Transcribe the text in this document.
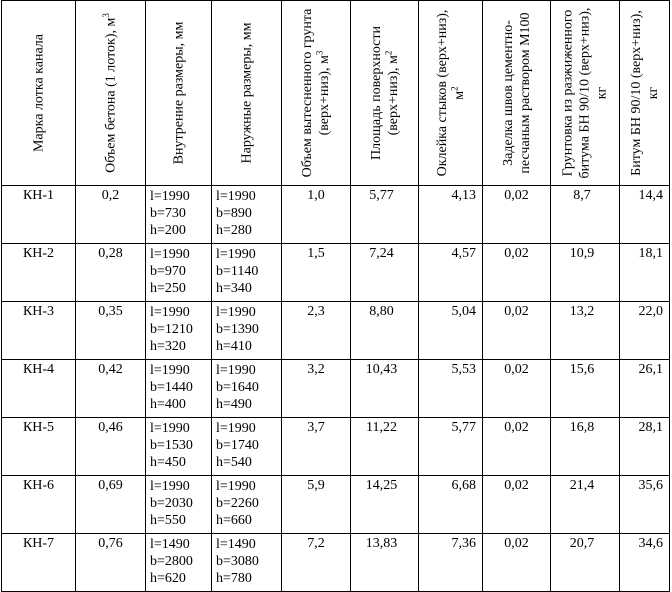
Марка лотка канала	Объем бетона (1 лоток), $м^3$	Внутрение размеры, мм	Наружные размеры, мм	Объем вытесненного грунта (верх+низ), $м^3$	Площадь поверхности (верх+низ), $м^2$	Оклейка стыков (верх+низ), $м^2$	Заделка швов цементно-песчаным раствором М100	Грунтовка из разжиженного битума БН 90/10 (верх+низ), кг	Битум БН 90/10 (верх+низ), кг

КН-1	0,2	l=1990
b=730
h=200	l=1990
b=890
h=280	1,0	5,77	4,13	0,02	8,7	14,4
КН-2	0,28	l=1990
b=970
h=250	l=1990
b=1140
h=340	1,5	7,24	4,57	0,02	10,9	18,1
КН-3	0,35	l=1990
b=1210
h=320	l=1990
b=1390
h=410	2,3	8,80	5,04	0,02	13,2	22,0
КН-4	0,42	l=1990
b=1440
h=400	l=1990
b=1640
h=490	3,2	10,43	5,53	0,02	15,6	26,1
КН-5	0,46	l=1990
b=1530
h=450	l=1990
b=1740
h=540	3,7	11,22	5,77	0,02	16,8	28,1
КН-6	0,69	l=1990
b=2030
h=550	l=1990
b=2260
h=660	5,9	14,25	6,68	0,02	21,4	35,6
КН-7	0,76	l=1490
b=2800
h=620	l=1490
b=3080
h=780	7,2	13,83	7,36	0,02	20,7	34,6
